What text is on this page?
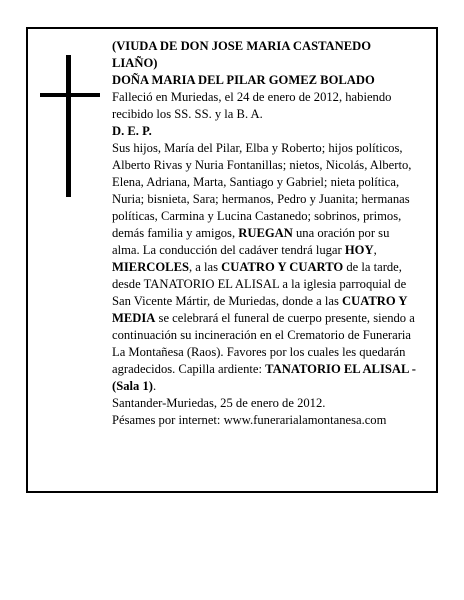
(VIUDA DE DON JOSE MARIA CASTANEDO LIAÑO)

DOÑA MARIA DEL PILAR GOMEZ BOLADO

Falleció en Muriedas, el 24 de enero de 2012, habiendo recibido los SS. SS. y la B. A.

D. E. P.

Sus hijos, María del Pilar, Elba y Roberto; hijos políticos, Alberto Rivas y Nuria Fontanillas; nietos, Nicolás, Alberto, Elena, Adriana, Marta, Santiago y Gabriel; nieta política, Nuria; bisnieta, Sara; hermanos, Pedro y Juanita; hermanas políticas, Carmina y Lucina Castanedo; sobrinos, primos, demás familia y amigos, RUEGAN una oración por su alma. La conducción del cadáver tendrá lugar HOY, MIERCOLES, a las CUATRO Y CUARTO de la tarde, desde TANATORIO EL ALISAL a la iglesia parroquial de San Vicente Mártir, de Muriedas, donde a las CUATRO Y MEDIA se celebrará el funeral de cuerpo presente, siendo a continuación su incineración en el Crematorio de Funeraria La Montañesa (Raos). Favores por los cuales les quedarán agradecidos. Capilla ardiente: TANATORIO EL ALISAL - (Sala 1).

Santander-Muriedas, 25 de enero de 2012.

Pésames por internet: www.funerarialamontanesa.com
